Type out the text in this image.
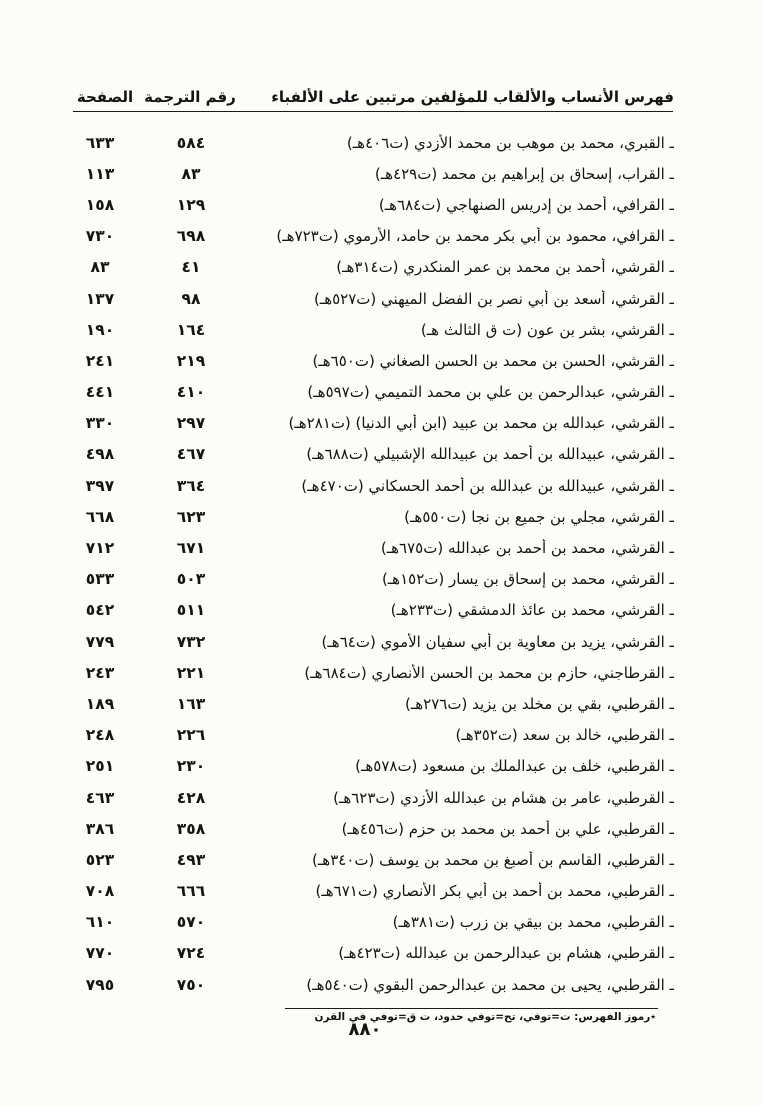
فهرس الأنساب والألقاب للمؤلفين مرتبين على الألفباء
رقم الترجمة
الصفحة
ـ القبري، محمد بن موهب بن محمد الأزدي (ت٤٠٦هـ)
٥٨٤
٦٣٣
ـ القراب، إسحاق بن إبراهيم بن محمد (ت٤٢٩هـ)
٨٣
١١٣
ـ القرافي، أحمد بن إدريس الصنهاجي (ت٦٨٤هـ)
١٢٩
١٥٨
ـ القرافي، محمود بن أبي بكر محمد بن حامد، الأرموي (ت٧٢٣هـ)
٦٩٨
٧٣٠
ـ القرشي، أحمد بن محمد بن عمر المنكدري (ت٣١٤هـ)
٤١
٨٣
ـ القرشي، أسعد بن أبي نصر بن الفضل الميهني (ت٥٢٧هـ)
٩٨
١٣٧
ـ القرشي، بشر بن عون (ت ق الثالث هـ)
١٦٤
١٩٠
ـ القرشي، الحسن بن محمد بن الحسن الصغاني (ت٦٥٠هـ)
٢١٩
٢٤١
ـ القرشي، عبدالرحمن بن علي بن محمد التميمي (ت٥٩٧هـ)
٤١٠
٤٤١
ـ القرشي، عبدالله بن محمد بن عبيد (ابن أبي الدنيا) (ت٢٨١هـ)
٢٩٧
٣٣٠
ـ القرشي، عبيدالله بن أحمد بن عبيدالله الإشبيلي (ت٦٨٨هـ)
٤٦٧
٤٩٨
ـ القرشي، عبيدالله بن عبدالله بن أحمد الحسكاني (ت٤٧٠هـ)
٣٦٤
٣٩٧
ـ القرشي، مجلي بن جميع بن نجا (ت٥٥٠هـ)
٦٢٣
٦٦٨
ـ القرشي، محمد بن أحمد بن عبدالله (ت٦٧٥هـ)
٦٧١
٧١٢
ـ القرشي، محمد بن إسحاق بن يسار (ت١٥٢هـ)
٥٠٣
٥٣٣
ـ القرشي، محمد بن عائذ الدمشقي (ت٢٣٣هـ)
٥١١
٥٤٢
ـ القرشي، يزيد بن معاوية بن أبي سفيان الأموي (ت٦٤هـ)
٧٣٢
٧٧٩
ـ القرطاجني، حازم بن محمد بن الحسن الأنصاري (ت٦٨٤هـ)
٢٢١
٢٤٣
ـ القرطبي، بقي بن مخلد بن يزيد (ت٢٧٦هـ)
١٦٣
١٨٩
ـ القرطبي، خالد بن سعد (ت٣٥٢هـ)
٢٢٦
٢٤٨
ـ القرطبي، خلف بن عبدالملك بن مسعود (ت٥٧٨هـ)
٢٣٠
٢٥١
ـ القرطبي، عامر بن هشام بن عبدالله الأزدي (ت٦٢٣هـ)
٤٢٨
٤٦٣
ـ القرطبي، علي بن أحمد بن محمد بن حزم (ت٤٥٦هـ)
٣٥٨
٣٨٦
ـ القرطبي، القاسم بن أصبغ بن محمد بن يوسف (ت٣٤٠هـ)
٤٩٣
٥٢٣
ـ القرطبي، محمد بن أحمد بن أبي بكر الأنصاري (ت٦٧١هـ)
٦٦٦
٧٠٨
ـ القرطبي، محمد بن بيقي بن زرب (ت٣٨١هـ)
٥٧٠
٦١٠
ـ القرطبي، هشام بن عبدالرحمن بن عبدالله (ت٤٢٣هـ)
٧٢٤
٧٧٠
ـ القرطبي، يحيى بن محمد بن عبدالرحمن البقوي (ت٥٤٠هـ)
٧٥٠
٧٩٥
٭رموز الفهرس: ت=توفي، تح=توفي حدود، ت ق=توفي في القرن
٨٨٠
